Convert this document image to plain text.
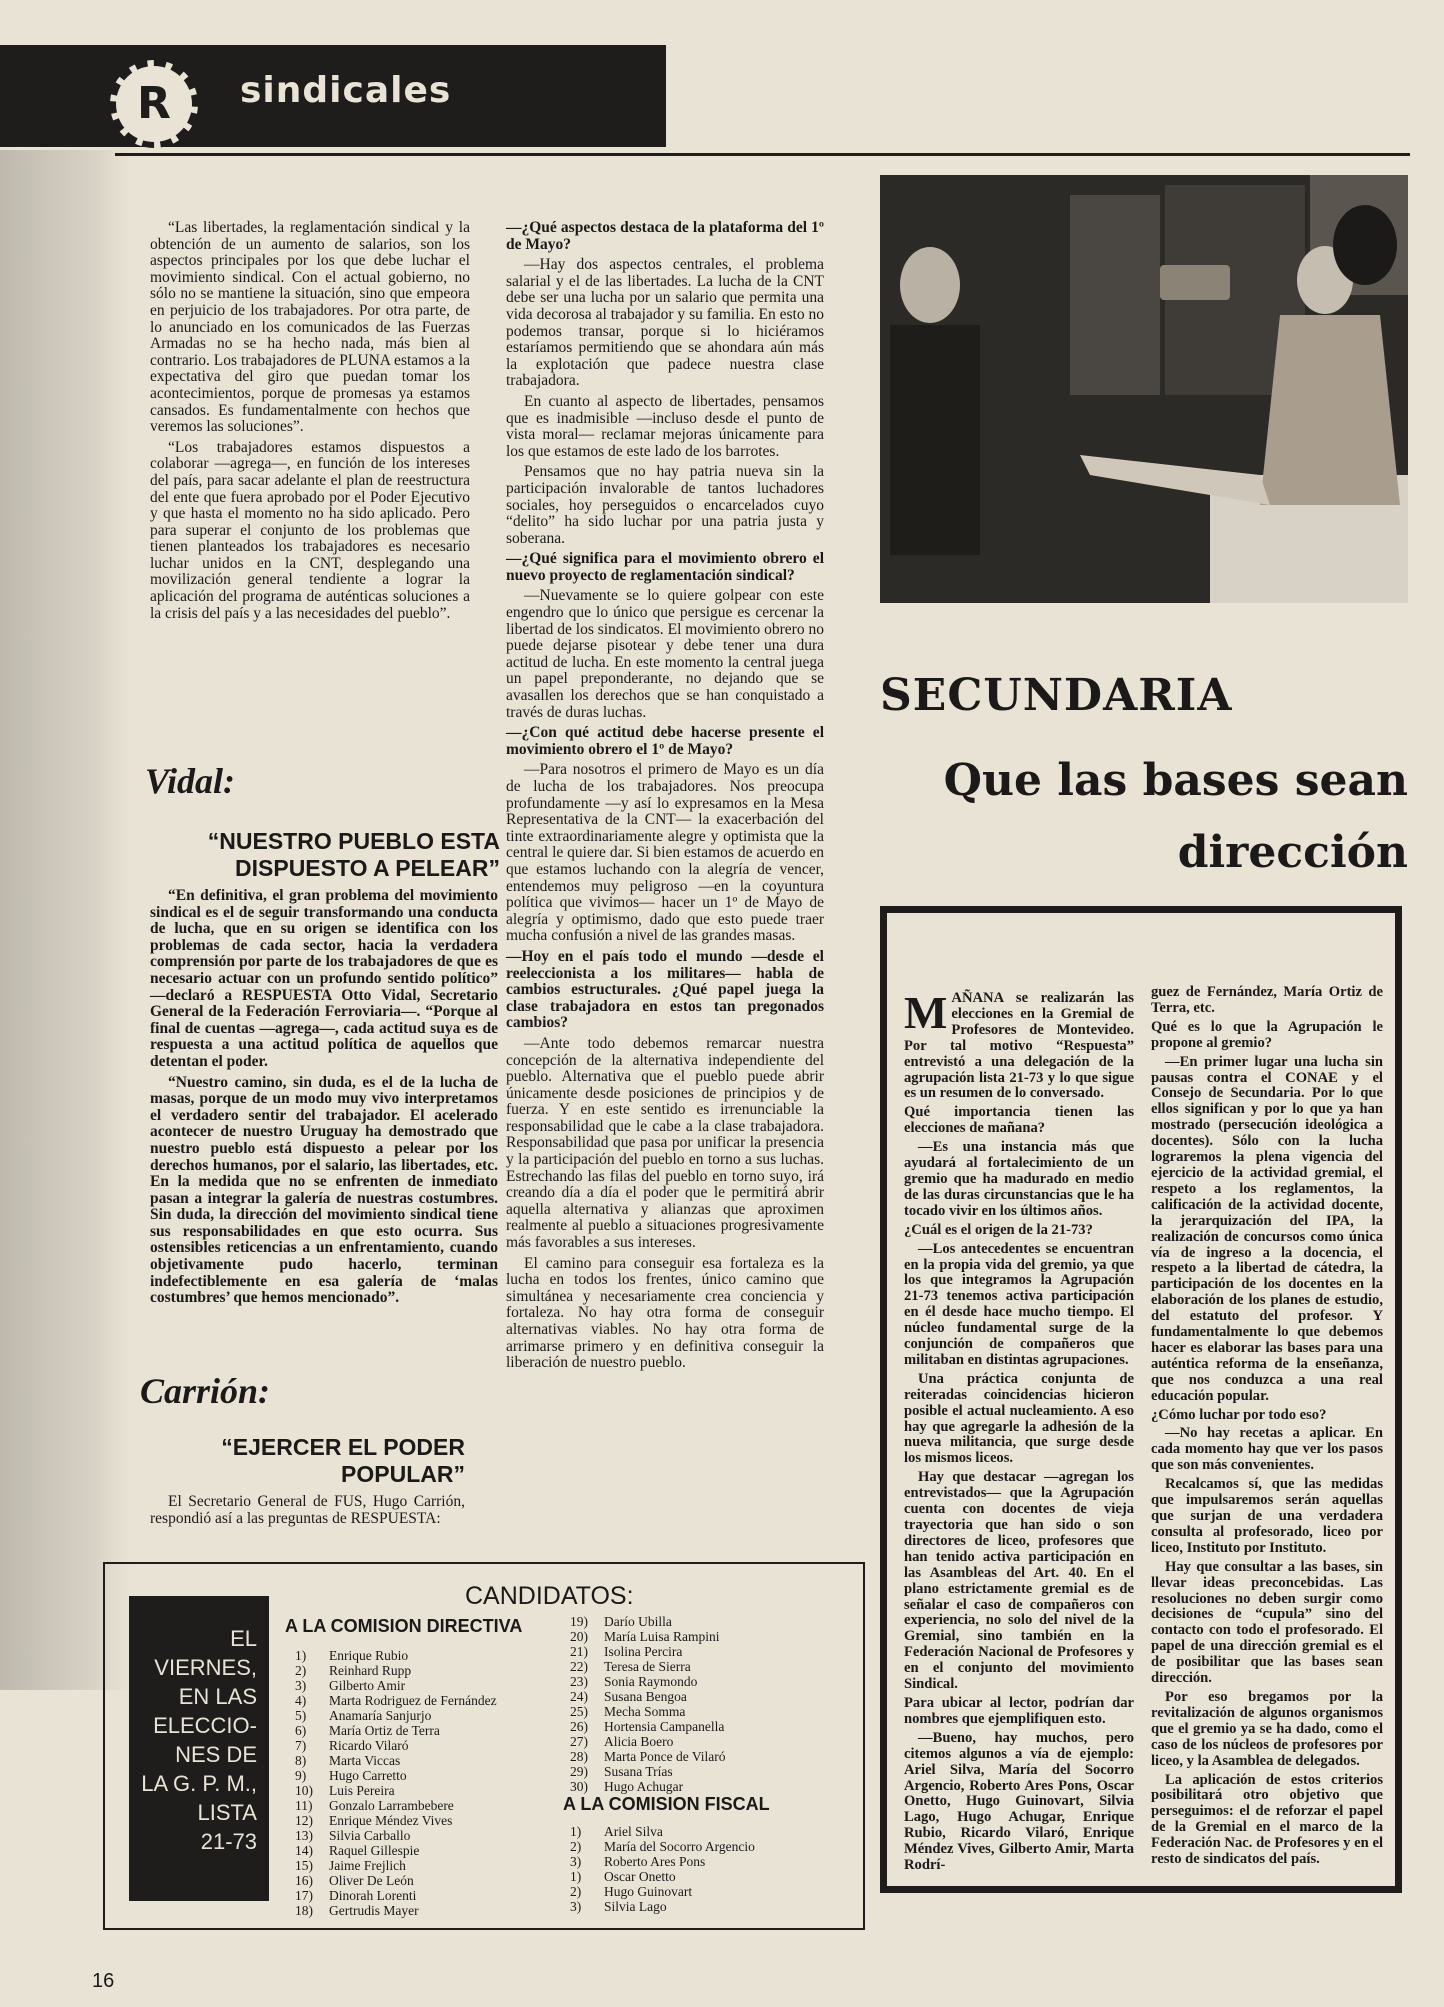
R	sindicales

“Las libertades, la reglamentación sindical y la obtención de un aumento de salarios, son los aspectos principales por los que debe luchar el movimiento sindical. Con el actual gobierno, no sólo no se mantiene la situación, sino que empeora en perjuicio de los trabajadores. Por otra parte, de lo anunciado en los comunicados de las Fuerzas Armadas no se ha hecho nada, más bien al contrario. Los trabajadores de PLUNA estamos a la expectativa del giro que puedan tomar los acontecimientos, porque de promesas ya estamos cansados. Es fundamentalmente con hechos que veremos las soluciones”.

“Los trabajadores estamos dispuestos a colaborar —agrega—, en función de los intereses del país, para sacar adelante el plan de reestructura del ente que fuera aprobado por el Poder Ejecutivo y que hasta el momento no ha sido aplicado. Pero para superar el conjunto de los problemas que tienen planteados los trabajadores es necesario luchar unidos en la CNT, desplegando una movilización general tendiente a lograr la aplicación del programa de auténticas soluciones a la crisis del país y a las necesidades del pueblo”.

Vidal:
“NUESTRO PUEBLO ESTA DISPUESTO A PELEAR”

“En definitiva, el gran problema del movimiento sindical es el de seguir transformando una conducta de lucha, que en su origen se identifica con los problemas de cada sector, hacia la verdadera comprensión por parte de los trabajadores de que es necesario actuar con un profundo sentido político” —declaró a RESPUESTA Otto Vidal, Secretario General de la Federación Ferroviaria—. “Porque al final de cuentas —agrega—, cada actitud suya es de respuesta a una actitud política de aquellos que detentan el poder.

“Nuestro camino, sin duda, es el de la lucha de masas, porque de un modo muy vivo interpretamos el verdadero sentir del trabajador. El acelerado acontecer de nuestro Uruguay ha demostrado que nuestro pueblo está dispuesto a pelear por los derechos humanos, por el salario, las libertades, etc. En la medida que no se enfrenten de inmediato pasan a integrar la galería de nuestras costumbres. Sin duda, la dirección del movimiento sindical tiene sus responsabilidades en que esto ocurra. Sus ostensibles reticencias a un enfrentamiento, cuando objetivamente pudo hacerlo, terminan indefectiblemente en esa galería de ‘malas costumbres’ que hemos mencionado”.

Carrión:
“EJERCER EL PODER POPULAR”

El Secretario General de FUS, Hugo Carrión, respondió así a las preguntas de RESPUESTA:

—¿Qué aspectos destaca de la plataforma del 1º de Mayo?

—Hay dos aspectos centrales, el problema salarial y el de las libertades. La lucha de la CNT debe ser una lucha por un salario que permita una vida decorosa al trabajador y su familia. En esto no podemos transar, porque si lo hiciéramos estaríamos permitiendo que se ahondara aún más la explotación que padece nuestra clase trabajadora.

En cuanto al aspecto de libertades, pensamos que es inadmisible —incluso desde el punto de vista moral— reclamar mejoras únicamente para los que estamos de este lado de los barrotes.

Pensamos que no hay patria nueva sin la participación invalorable de tantos luchadores sociales, hoy perseguidos o encarcelados cuyo “delito” ha sido luchar por una patria justa y soberana.

—¿Qué significa para el movimiento obrero el nuevo proyecto de reglamentación sindical?

—Nuevamente se lo quiere golpear con este engendro que lo único que persigue es cercenar la libertad de los sindicatos. El movimiento obrero no puede dejarse pisotear y debe tener una dura actitud de lucha. En este momento la central juega un papel preponderante, no dejando que se avasallen los derechos que se han conquistado a través de duras luchas.

—¿Con qué actitud debe hacerse presente el movimiento obrero el 1º de Mayo?

—Para nosotros el primero de Mayo es un día de lucha de los trabajadores. Nos preocupa profundamente —y así lo expresamos en la Mesa Representativa de la CNT— la exacerbación del tinte extraordinariamente alegre y optimista que la central le quiere dar. Si bien estamos de acuerdo en que estamos luchando con la alegría de vencer, entendemos muy peligroso —en la coyuntura política que vivimos— hacer un 1º de Mayo de alegría y optimismo, dado que esto puede traer mucha confusión a nivel de las grandes masas.

—Hoy en el país todo el mundo —desde el reeleccionista a los militares— habla de cambios estructurales. ¿Qué papel juega la clase trabajadora en estos tan pregonados cambios?

—Ante todo debemos remarcar nuestra concepción de la alternativa independiente del pueblo. Alternativa que el pueblo puede abrir únicamente desde posiciones de principios y de fuerza. Y en este sentido es irrenunciable la responsabilidad que le cabe a la clase trabajadora. Responsabilidad que pasa por unificar la presencia y la participación del pueblo en torno a sus luchas. Estrechando las filas del pueblo en torno suyo, irá creando día a día el poder que le permitirá abrir aquella alternativa y alianzas que aproximen realmente al pueblo a situaciones progresivamente más favorables a sus intereses.

El camino para conseguir esa fortaleza es la lucha en todos los frentes, único camino que simultánea y necesariamente crea conciencia y fortaleza. No hay otra forma de conseguir alternativas viables. No hay otra forma de arrimarse primero y en definitiva conseguir la liberación de nuestro pueblo.

SECUNDARIA
Que las bases sean dirección

MAÑANA se realizarán las elecciones en la Gremial de Profesores de Montevideo. Por tal motivo “Respuesta” entrevistó a una delegación de la agrupación lista 21-73 y lo que sigue es un resumen de lo conversado.

Qué importancia tienen las elecciones de mañana?

—Es una instancia más que ayudará al fortalecimiento de un gremio que ha madurado en medio de las duras circunstancias que le ha tocado vivir en los últimos años.

¿Cuál es el origen de la 21-73?

—Los antecedentes se encuentran en la propia vida del gremio, ya que los que integramos la Agrupación 21-73 tenemos activa participación en él desde hace mucho tiempo. El núcleo fundamental surge de la conjunción de compañeros que militaban en distintas agrupaciones.

Una práctica conjunta de reiteradas coincidencias hicieron posible el actual nucleamiento. A eso hay que agregarle la adhesión de la nueva militancia, que surge desde los mismos liceos.

Hay que destacar —agregan los entrevistados— que la Agrupación cuenta con docentes de vieja trayectoria que han sido o son directores de liceo, profesores que han tenido activa participación en las Asambleas del Art. 40. En el plano estrictamente gremial es de señalar el caso de compañeros con experiencia, no solo del nivel de la Gremial, sino también en la Federación Nacional de Profesores y en el conjunto del movimiento Sindical.

Para ubicar al lector, podrían dar nombres que ejemplifiquen esto.

—Bueno, hay muchos, pero citemos algunos a vía de ejemplo: Ariel Silva, María del Socorro Argencio, Roberto Ares Pons, Oscar Onetto, Hugo Guinovart, Silvia Lago, Hugo Achugar, Enrique Rubio, Ricardo Vilaró, Enrique Méndez Vives, Gilberto Amir, Marta Rodrí-

guez de Fernández, María Ortiz de Terra, etc.

Qué es lo que la Agrupación le propone al gremio?

—En primer lugar una lucha sin pausas contra el CONAE y el Consejo de Secundaria. Por lo que ellos significan y por lo que ya han mostrado (persecución ideológica a docentes). Sólo con la lucha lograremos la plena vigencia del ejercicio de la actividad gremial, el respeto a los reglamentos, la calificación de la actividad docente, la jerarquización del IPA, la realización de concursos como única vía de ingreso a la docencia, el respeto a la libertad de cátedra, la participación de los docentes en la elaboración de los planes de estudio, del estatuto del profesor. Y fundamentalmente lo que debemos hacer es elaborar las bases para una auténtica reforma de la enseñanza, que nos conduzca a una real educación popular.

¿Cómo luchar por todo eso?

—No hay recetas a aplicar. En cada momento hay que ver los pasos que son más convenientes.

Recalcamos sí, que las medidas que impulsaremos serán aquellas que surjan de una verdadera consulta al profesorado, liceo por liceo, Instituto por Instituto.

Hay que consultar a las bases, sin llevar ideas preconcebidas. Las resoluciones no deben surgir como decisiones de “cupula” sino del contacto con todo el profesorado. El papel de una dirección gremial es el de posibilitar que las bases sean dirección.

Por eso bregamos por la revitalización de algunos organismos que el gremio ya se ha dado, como el caso de los núcleos de profesores por liceo, y la Asamblea de delegados.

La aplicación de estos criterios posibilitará otro objetivo que perseguimos: el de reforzar el papel de la Gremial en el marco de la Federación Nac. de Profesores y en el resto de sindicatos del país.

EL
VIERNES,
EN LAS
ELECCIO-
NES DE
LA G. P. M.,
LISTA
21-73
CANDIDATOS:
A LA COMISION DIRECTIVA
1) Enrique Rubio
2) Reinhard Rupp
3) Gilberto Amir
4) Marta Rodriguez de Fernández
5) Anamaría Sanjurjo
6) María Ortiz de Terra
7) Ricardo Vilaró
8) Marta Viccas
9) Hugo Carretto
10) Luis Pereira
11) Gonzalo Larrambebere
12) Enrique Méndez Vives
13) Silvia Carballo
14) Raquel Gillespie
15) Jaime Frejlich
16) Oliver De León
17) Dinorah Lorenti
18) Gertrudis Mayer
19) Darío Ubilla
20) María Luisa Rampini
21) Isolina Percira
22) Teresa de Sierra
23) Sonia Raymondo
24) Susana Bengoa
25) Mecha Somma
26) Hortensia Campanella
27) Alicia Boero
28) Marta Ponce de Vilaró
29) Susana Trías
30) Hugo Achugar
A LA COMISION FISCAL
1) Ariel Silva
2) María del Socorro Argencio
3) Roberto Ares Pons
1) Oscar Onetto
2) Hugo Guinovart
3) Silvia Lago
16
